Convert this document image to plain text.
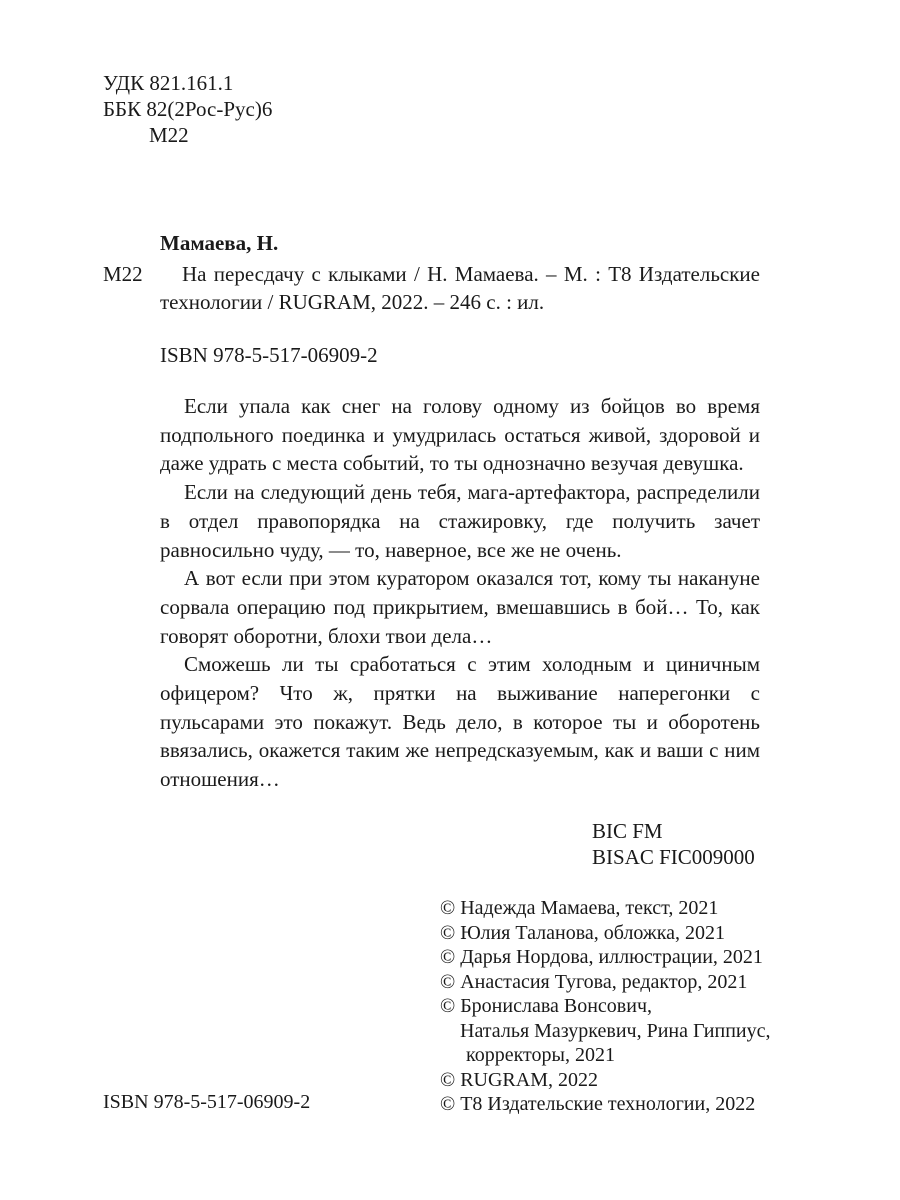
УДК 821.161.1
ББК 82(2Рос-Рус)6
М22
Мамаева, Н.
М22	На пересдачу с клыками / Н. Мамаева. – М. : Т8 Издательские
технологии / RUGRAM, 2022. – 246 с. : ил.
ISBN 978-5-517-06909-2

Если упала как снег на голову одному из бойцов во время подпольного поединка и умудрилась остаться живой, здоровой и даже удрать с места событий, то ты однозначно везучая девушка.

Если на следующий день тебя, мага-артефактора, распределили в отдел правопорядка на стажировку, где получить зачет равносильно чуду, — то, наверное, все же не очень.

А вот если при этом куратором оказался тот, кому ты накануне сорвала операцию под прикрытием, вмешавшись в бой… То, как говорят оборотни, блохи твои дела…

Сможешь ли ты сработаться с этим холодным и циничным офицером? Что ж, прятки на выживание наперегонки с пульсарами это покажут. Ведь дело, в которое ты и оборотень ввязались, окажется таким же непредсказуемым, как и ваши с ним отношения…

BIC FM
BISAC FIC009000
© Надежда Мамаева, текст, 2021
© Юлия Таланова, обложка, 2021
© Дарья Нордова, иллюстрации, 2021
© Анастасия Тугова, редактор, 2021
© Бронислава Вонсович,
Наталья Мазуркевич, Рина Гиппиус,
корректоры, 2021
© RUGRAM, 2022
© Т8 Издательские технологии, 2022
ISBN 978-5-517-06909-2
